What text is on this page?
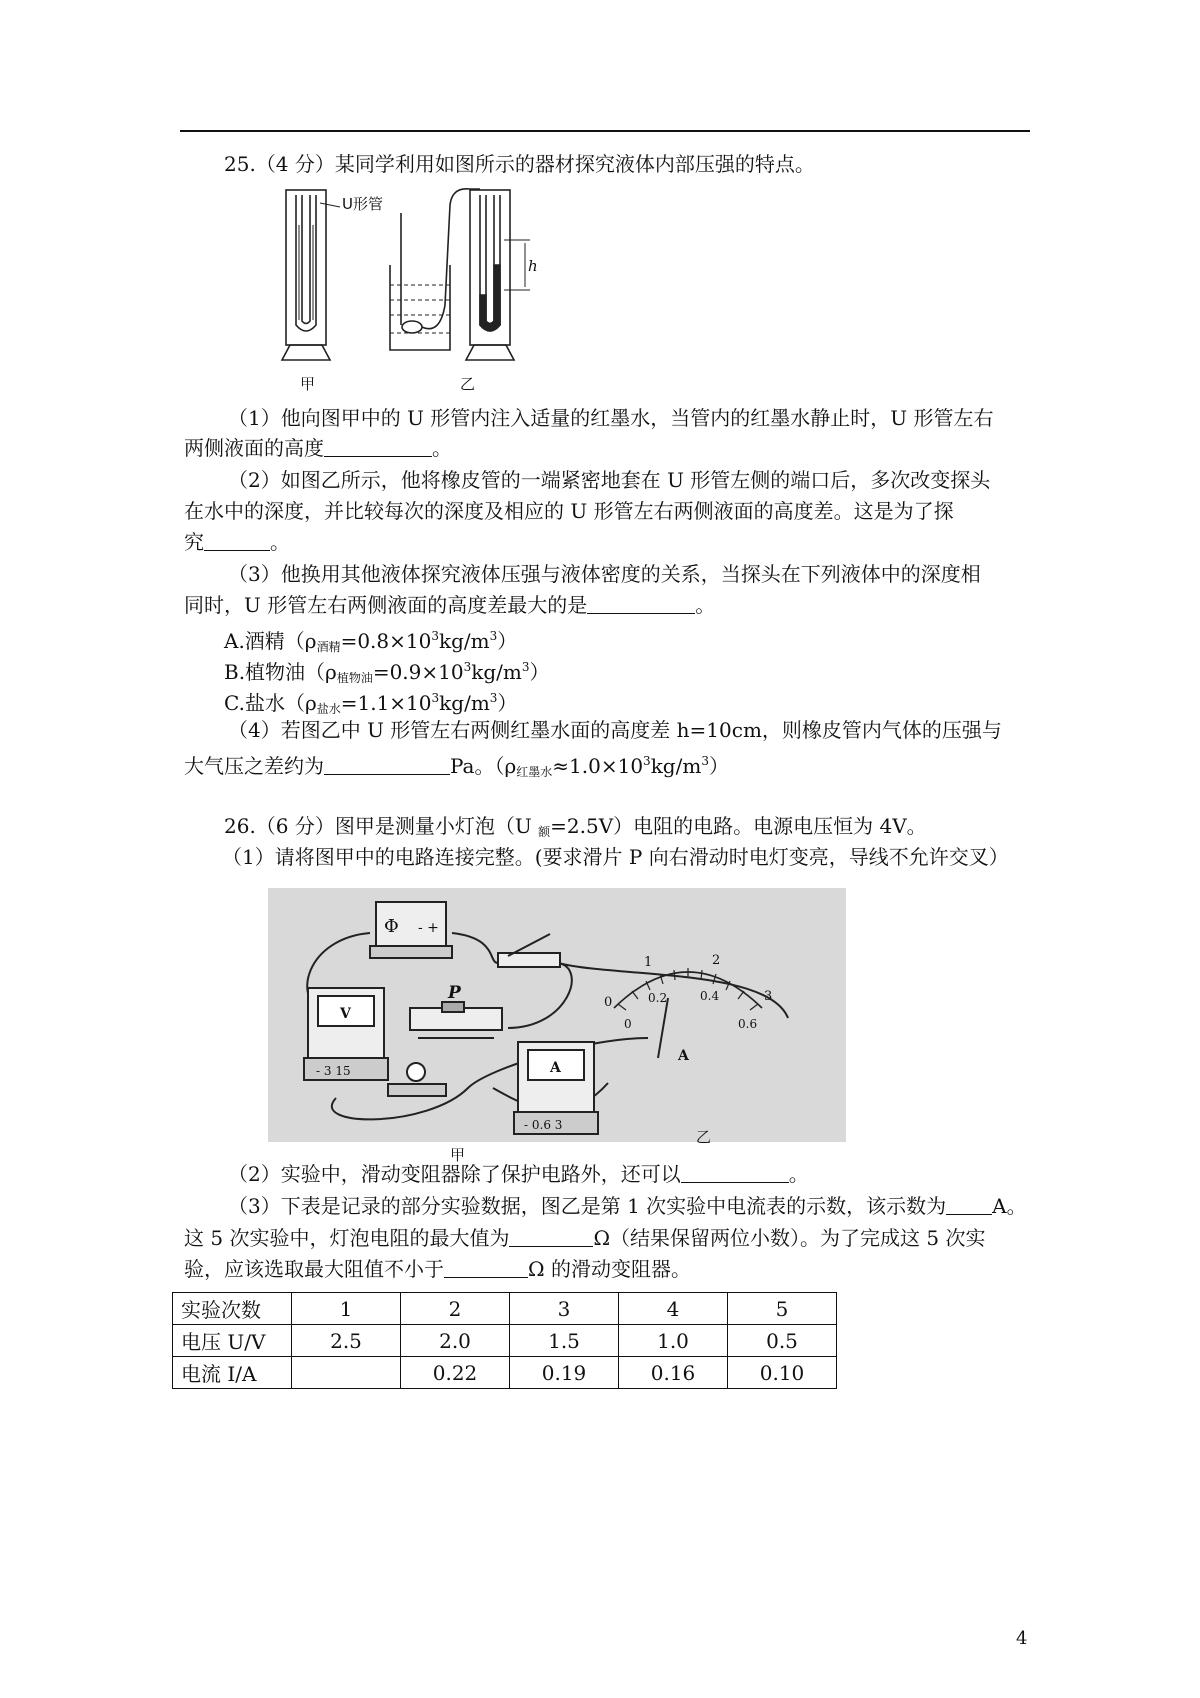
25.（4 分）某同学利用如图所示的器材探究液体内部压强的特点。
U形管
甲
h
乙
（1）他向图甲中的 U 形管内注入适量的红墨水，当管内的红墨水静止时，U 形管左右
两侧液面的高度	。
（2）如图乙所示，他将橡皮管的一端紧密地套在 U 形管左侧的端口后，多次改变探头
在水中的深度，并比较每次的深度及相应的 U 形管左右两侧液面的高度差。这是为了探
究	。
（3）他换用其他液体探究液体压强与液体密度的关系，当探头在下列液体中的深度相
同时，U 形管左右两侧液面的高度差最大的是	。
A.酒精$(\rho_{酒精}=0.8\times 10^3kg/m^3)$
B.植物油$(\rho_{植物油}=0.9\times 10^3kg/m^3)$
C.盐水$(\rho_{盐水}=1.1\times 10^3kg/m^3)$
（4）若图乙中 U 形管左右两侧红墨水面的高度差 h=10cm，则橡皮管内气体的压强与
大气压之差约为	Pa。$(\rho_{红墨水}\approx 1.0\times 10^3kg/m^3)$
26.（6 分）图甲是测量小灯泡（U $_额$=2.5V）电阻的电路。电源电压恒为 4V。
（1）请将图甲中的电路连接完整。(要求滑片 P 向右滑动时电灯变亮，导线不允许交叉）
Φ - +
V
- 3 15
P
A
- 0.6 3
甲
0
1	2
3
0
0.2	0.4
0.6
A
乙
（2）实验中，滑动变阻器除了保护电路外，还可以	。
（3）下表是记录的部分实验数据，图乙是第 1 次实验中电流表的示数，该示数为 A。
这 5 次实验中，灯泡电阻的最大值为	Ω（结果保留两位小数）。为了完成这 5 次实
验，应该选取最大阻值不小于	Ω 的滑动变阻器。
实验次数	1	2	3	4	5
电压 U/V	2.5	2.0	1.5	1.0	0.5
电流 I/A		0.22	0.19	0.16	0.10
4
